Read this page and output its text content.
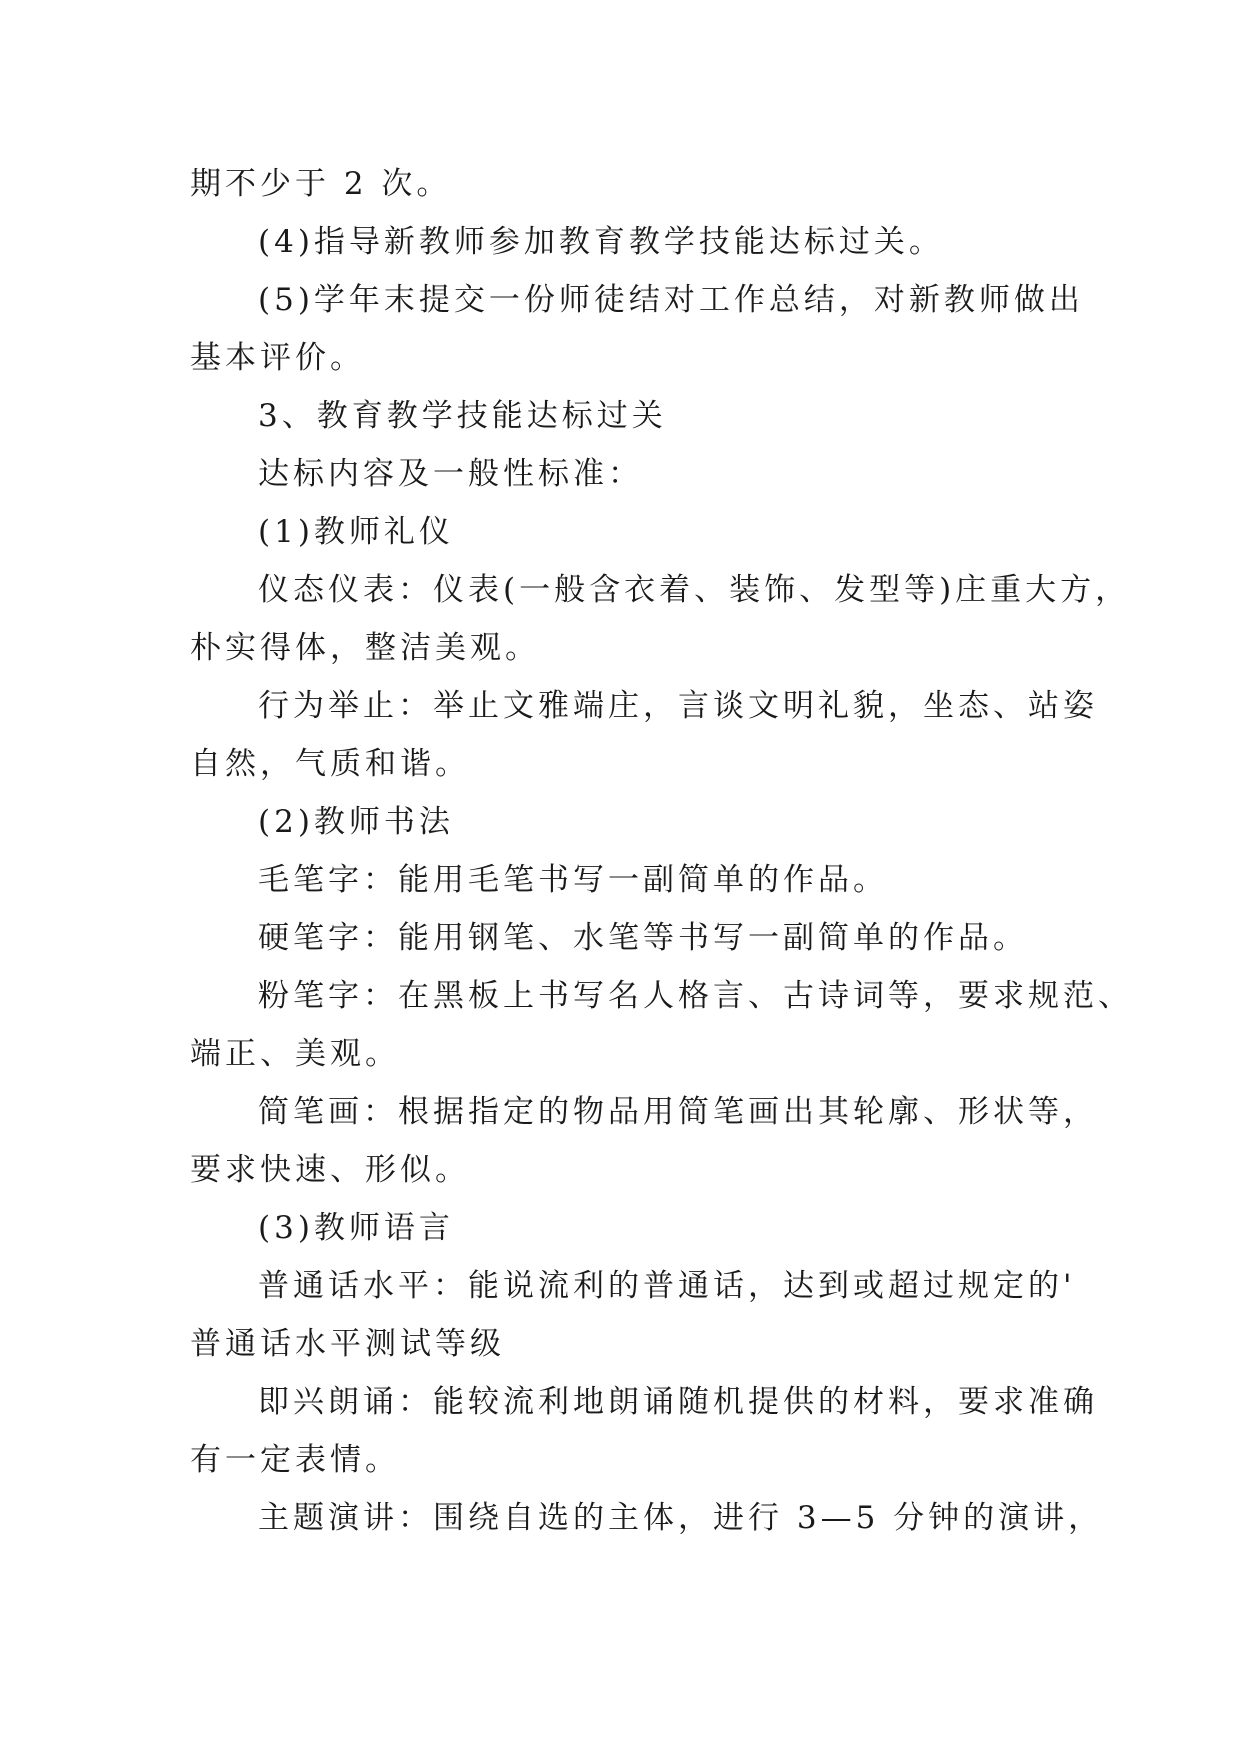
期不少于 2 次。
(4)指导新教师参加教育教学技能达标过关。
(5)学年末提交一份师徒结对工作总结，对新教师做出
基本评价。
3、教育教学技能达标过关
达标内容及一般性标准：
(1)教师礼仪
仪态仪表：仪表(一般含衣着、装饰、发型等)庄重大方，
朴实得体，整洁美观。
行为举止：举止文雅端庄，言谈文明礼貌，坐态、站姿
自然，气质和谐。
(2)教师书法
毛笔字：能用毛笔书写一副简单的作品。
硬笔字：能用钢笔、水笔等书写一副简单的作品。
粉笔字：在黑板上书写名人格言、古诗词等，要求规范、
端正、美观。
简笔画：根据指定的物品用简笔画出其轮廓、形状等，
要求快速、形似。
(3)教师语言
普通话水平：能说流利的普通话，达到或超过规定的'
普通话水平测试等级
即兴朗诵：能较流利地朗诵随机提供的材料，要求准确
有一定表情。
主题演讲：围绕自选的主体，进行 3—5 分钟的演讲，
